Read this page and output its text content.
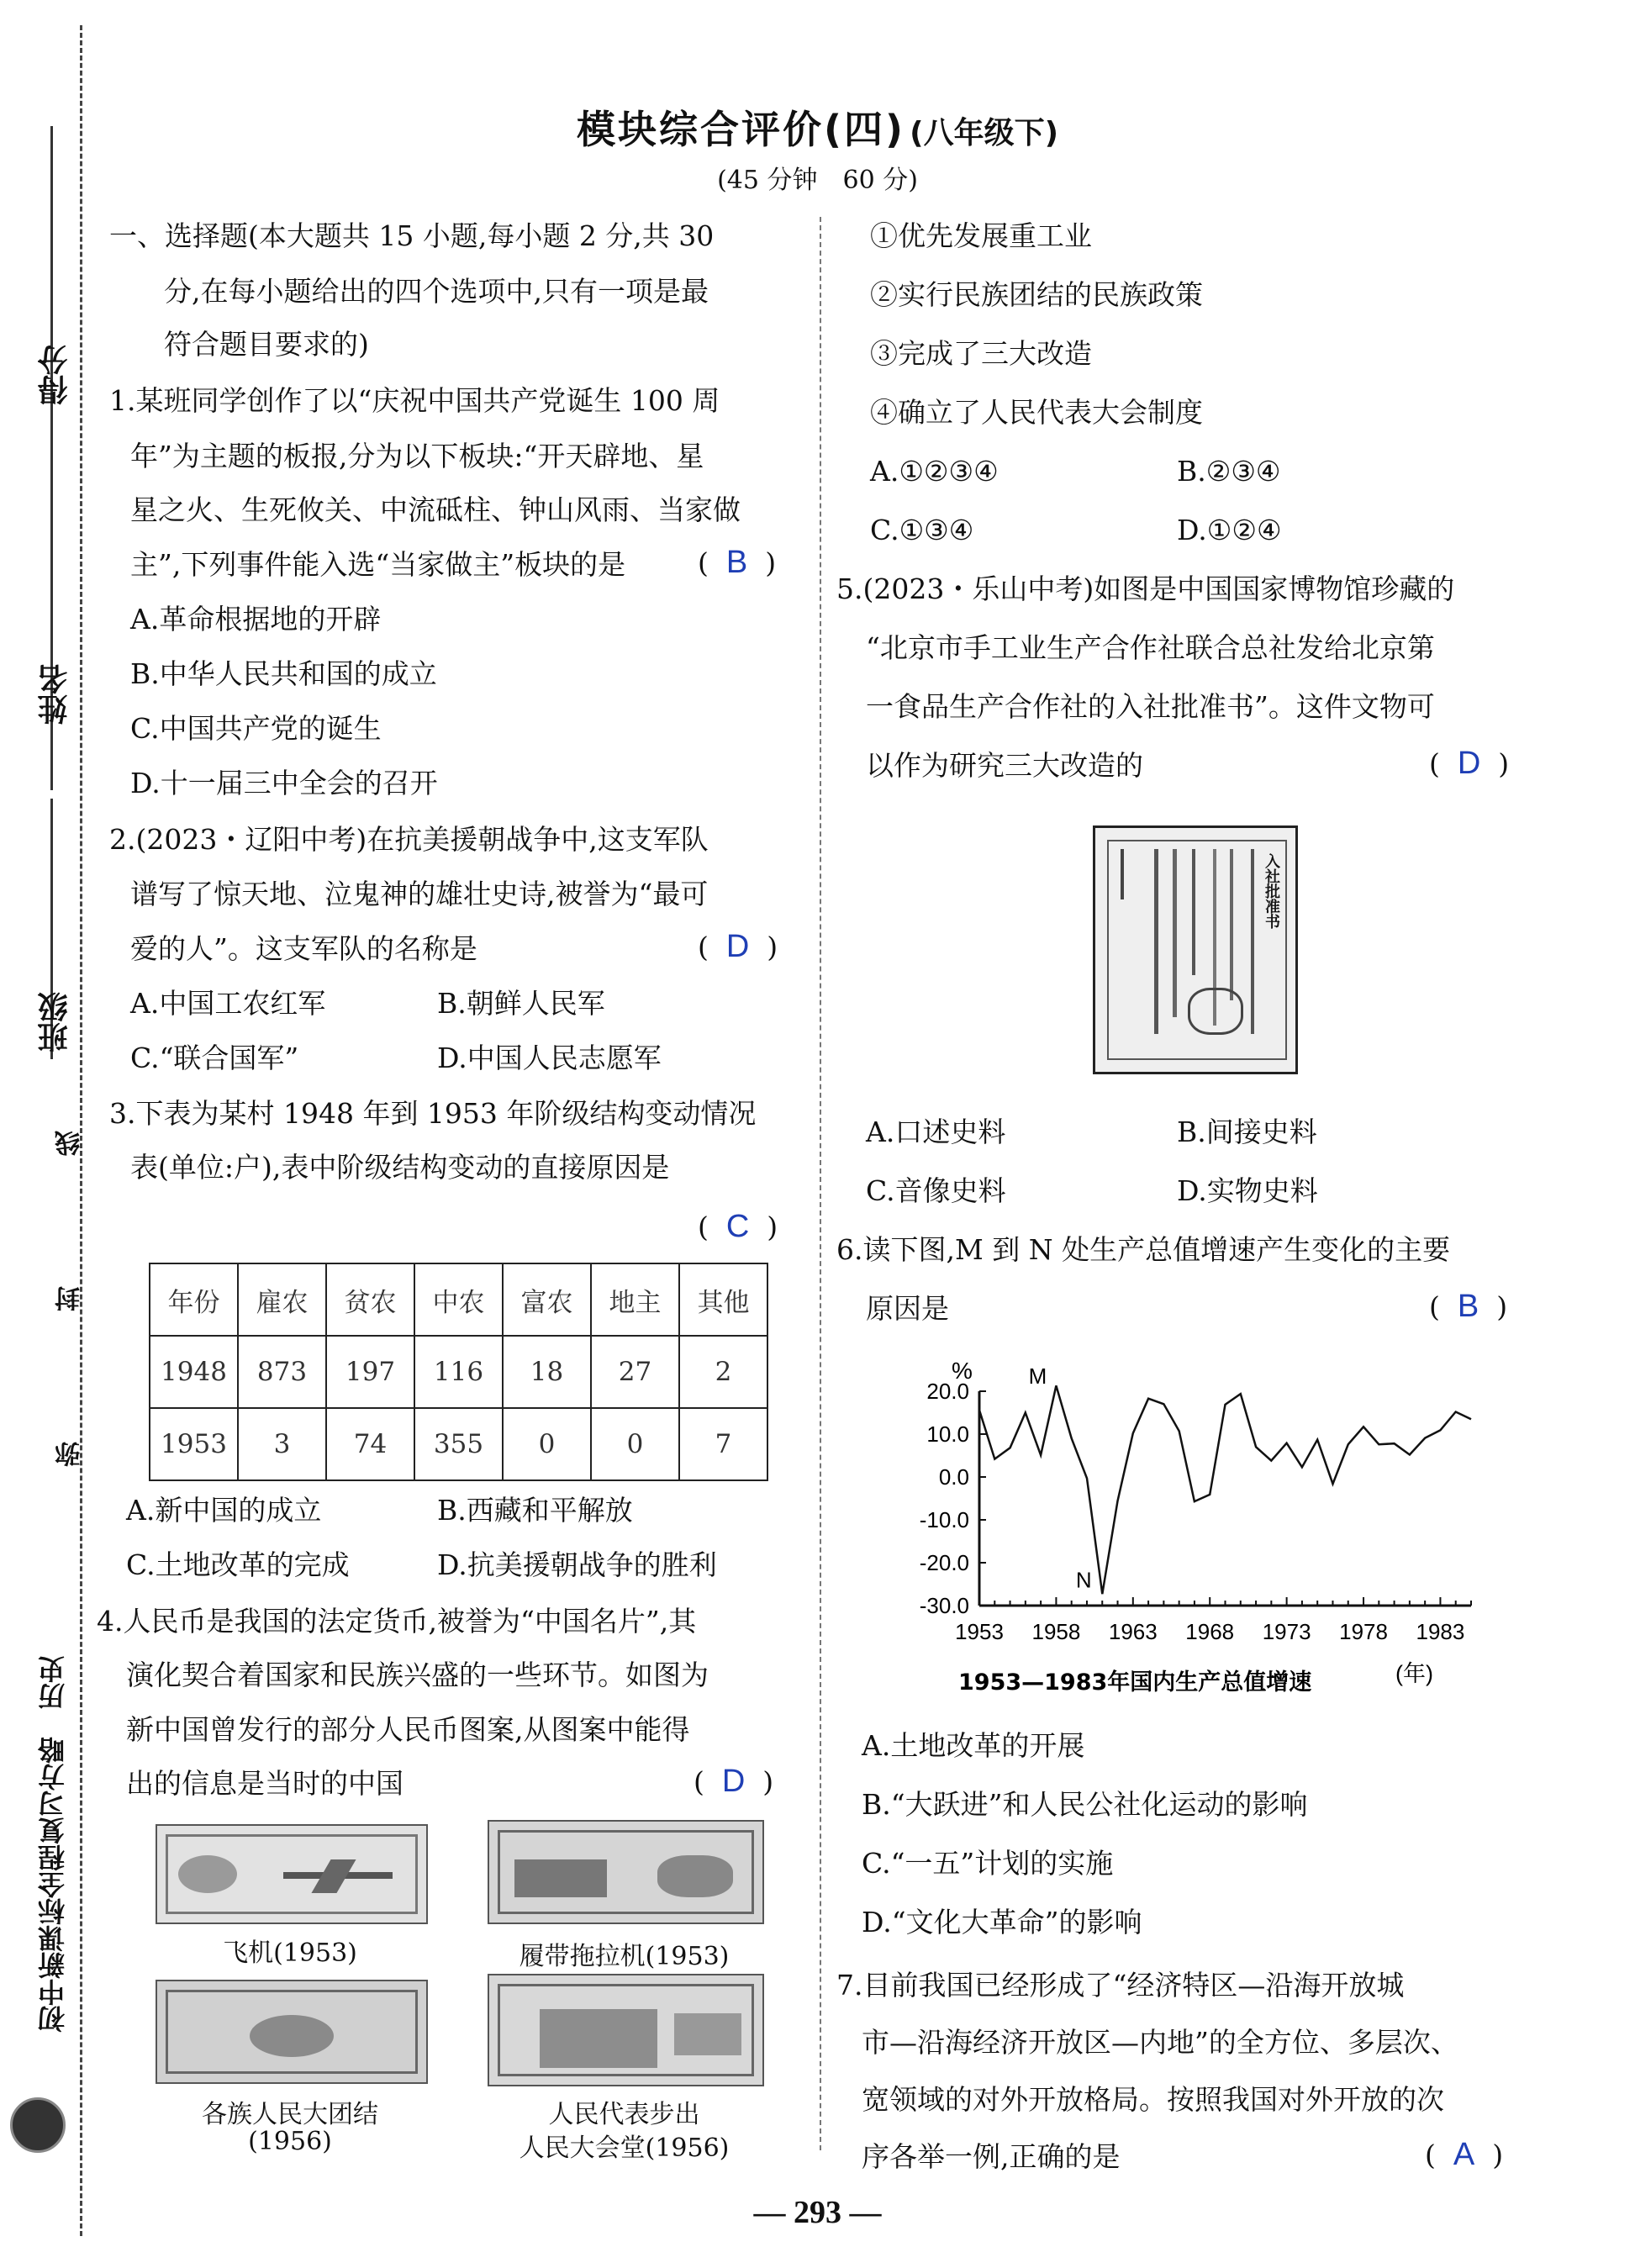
得分
姓名
班级
线
封
弥
初中新课标全程复习方略　历史
模块综合评价(四) (八年级下)
(45 分钟　60 分)
一、选择题(本大题共 15 小题,每小题 2 分,共 30
分,在每小题给出的四个选项中,只有一项是最
符合题目要求的)
1.某班同学创作了以“庆祝中国共产党诞生 100 周
年”为主题的板报,分为以下板块:“开天辟地、星
星之火、生死攸关、中流砥柱、钟山风雨、当家做
主”,下列事件能入选“当家做主”板块的是	(  B  )
A.革命根据地的开辟
B.中华人民共和国的成立
C.中国共产党的诞生
D.十一届三中全会的召开
2.(2023・辽阳中考)在抗美援朝战争中,这支军队
谱写了惊天地、泣鬼神的雄壮史诗,被誉为“最可
爱的人”。这支军队的名称是	(  D  )
A.中国工农红军	B.朝鲜人民军
C.“联合国军”	D.中国人民志愿军
3.下表为某村 1948 年到 1953 年阶级结构变动情况
表(单位:户),表中阶级结构变动的直接原因是
(  C  )
年份	雇农	贫农	中农	富农	地主	其他
1948	873	197	116	18	27	2
1953	3	74	355	0	0	7
A.新中国的成立	B.西藏和平解放
C.土地改革的完成	D.抗美援朝战争的胜利
4.人民币是我国的法定货币,被誉为“中国名片”,其
演化契合着国家和民族兴盛的一些环节。如图为
新中国曾发行的部分人民币图案,从图案中能得
出的信息是当时的中国	(  D  )
飞机(1953)	履带拖拉机(1953)
各族人民大团结
(1956)
人民代表步出
人民大会堂(1956)
①优先发展重工业
②实行民族团结的民族政策
③完成了三大改造
④确立了人民代表大会制度
A.①②③④	B.②③④
C.①③④	D.①②④
5.(2023・乐山中考)如图是中国国家博物馆珍藏的
“北京市手工业生产合作社联合总社发给北京第
一食品生产合作社的入社批准书”。这件文物可
以作为研究三大改造的	(  D  )
入社批准书
A.口述史料	B.间接史料
C.音像史料	D.实物史料
6.读下图,M 到 N 处生产总值增速产生变化的主要
原因是	(  B  )
%
20.0
10.0
0.0
-10.0
-20.0
-30.0
1953 1958 1963 1968 1973 1978 1983
M
N
(年)
1953—1983年国内生产总值增速
A.土地改革的开展
B.“大跃进”和人民公社化运动的影响
C.“一五”计划的实施
D.“文化大革命”的影响
7.目前我国已经形成了“经济特区—沿海开放城
市—沿海经济开放区—内地”的全方位、多层次、
宽领域的对外开放格局。按照我国对外开放的次
序各举一例,正确的是	(  A  )
— 293 —
